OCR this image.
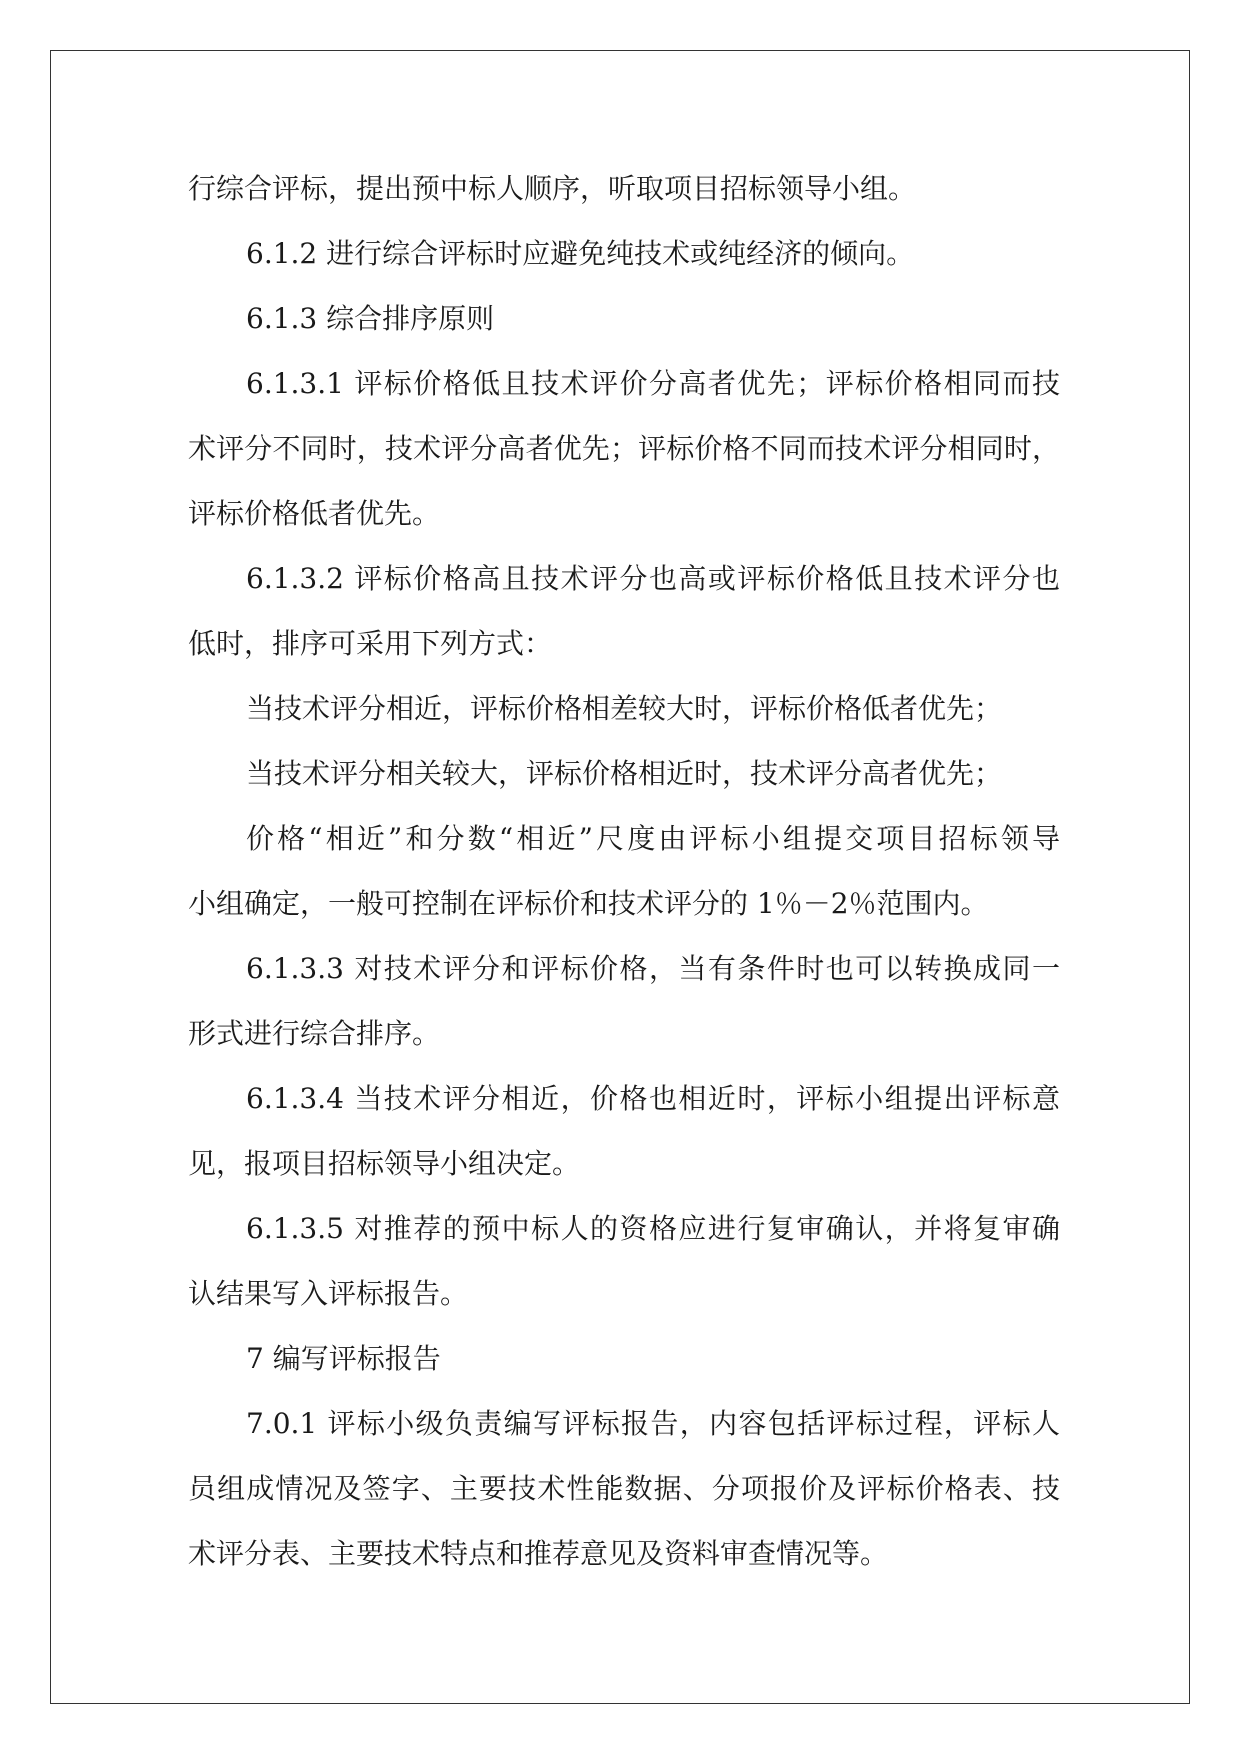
行综合评标，提出预中标人顺序，听取项目招标领导小组。
6.1.2 进行综合评标时应避免纯技术或纯经济的倾向。
6.1.3 综合排序原则
6.1.3.1 评标价格低且技术评价分高者优先；评标价格相同而技
术评分不同时，技术评分高者优先；评标价格不同而技术评分相同时，
评标价格低者优先。
6.1.3.2 评标价格高且技术评分也高或评标价格低且技术评分也
低时，排序可采用下列方式：
当技术评分相近，评标价格相差较大时，评标价格低者优先；
当技术评分相关较大，评标价格相近时，技术评分高者优先；
价格“相近”和分数“相近”尺度由评标小组提交项目招标领导
小组确定，一般可控制在评标价和技术评分的 1％－2％范围内。
6.1.3.3 对技术评分和评标价格，当有条件时也可以转换成同一
形式进行综合排序。
6.1.3.4 当技术评分相近，价格也相近时，评标小组提出评标意
见，报项目招标领导小组决定。
6.1.3.5 对推荐的预中标人的资格应进行复审确认，并将复审确
认结果写入评标报告。
7 编写评标报告
7.0.1 评标小级负责编写评标报告，内容包括评标过程，评标人
员组成情况及签字、主要技术性能数据、分项报价及评标价格表、技
术评分表、主要技术特点和推荐意见及资料审查情况等。
